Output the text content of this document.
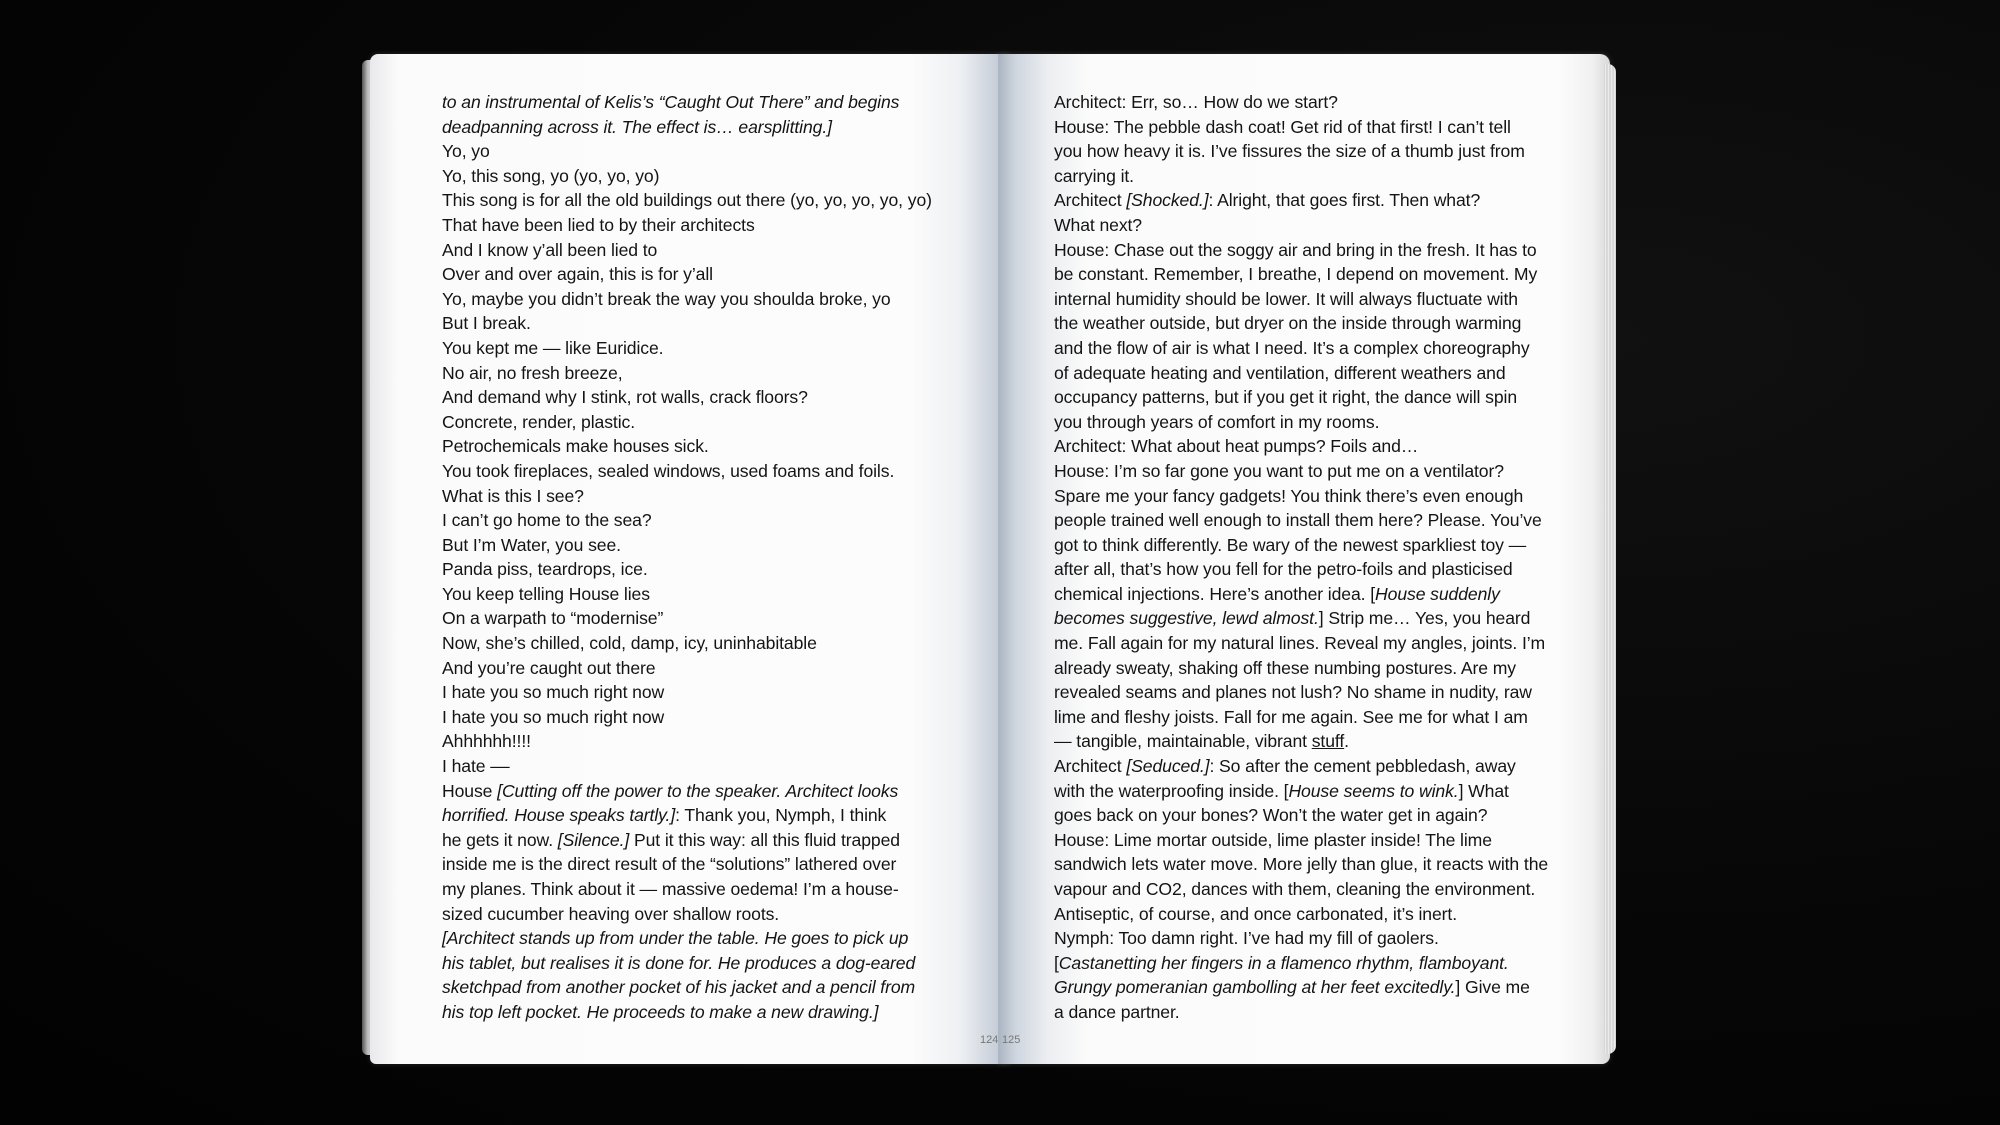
to an instrumental of Kelis’s “Caught Out There” and begins
deadpanning across it. The effect is… earsplitting.]
Yo, yo
Yo, this song, yo (yo, yo, yo)
This song is for all the old buildings out there (yo, yo, yo, yo, yo)
That have been lied to by their architects
And I know y’all been lied to
Over and over again, this is for y’all
Yo, maybe you didn’t break the way you shoulda broke, yo
But I break.
You kept me — like Euridice.
No air, no fresh breeze,
And demand why I stink, rot walls, crack floors?
Concrete, render, plastic.
Petrochemicals make houses sick.
You took fireplaces, sealed windows, used foams and foils.
What is this I see?
I can’t go home to the sea?
But I’m Water, you see.
Panda piss, teardrops, ice.
You keep telling House lies
On a warpath to “modernise”
Now, she’s chilled, cold, damp, icy, uninhabitable
And you’re caught out there
I hate you so much right now
I hate you so much right now
Ahhhhhh!!!!
I hate ––
House [Cutting off the power to the speaker. Architect looks
horrified. House speaks tartly.]: Thank you, Nymph, I think
he gets it now. [Silence.] Put it this way: all this fluid trapped
inside me is the direct result of the “solutions” lathered over
my planes. Think about it — massive oedema! I’m a house-
sized cucumber heaving over shallow roots.
[Architect stands up from under the table. He goes to pick up
his tablet, but realises it is done for. He produces a dog-eared
sketchpad from another pocket of his jacket and a pencil from
his top left pocket. He proceeds to make a new drawing.]
124
Architect: Err, so… How do we start?
House: The pebble dash coat! Get rid of that first! I can’t tell
you how heavy it is. I’ve fissures the size of a thumb just from
carrying it.
Architect [Shocked.]: Alright, that goes first. Then what?
What next?
House: Chase out the soggy air and bring in the fresh. It has to
be constant. Remember, I breathe, I depend on movement. My
internal humidity should be lower. It will always fluctuate with
the weather outside, but dryer on the inside through warming
and the flow of air is what I need. It’s a complex choreography
of adequate heating and ventilation, different weathers and
occupancy patterns, but if you get it right, the dance will spin
you through years of comfort in my rooms.
Architect: What about heat pumps? Foils and…
House: I’m so far gone you want to put me on a ventilator?
Spare me your fancy gadgets! You think there’s even enough
people trained well enough to install them here? Please. You’ve
got to think differently. Be wary of the newest sparkliest toy —
after all, that’s how you fell for the petro-foils and plasticised
chemical injections. Here’s another idea. [House suddenly
becomes suggestive, lewd almost.] Strip me… Yes, you heard
me. Fall again for my natural lines. Reveal my angles, joints. I’m
already sweaty, shaking off these numbing postures. Are my
revealed seams and planes not lush? No shame in nudity, raw
lime and fleshy joists. Fall for me again. See me for what I am
— tangible, maintainable, vibrant stuff.
Architect [Seduced.]: So after the cement pebbledash, away
with the waterproofing inside. [House seems to wink.] What
goes back on your bones? Won’t the water get in again?
House: Lime mortar outside, lime plaster inside! The lime
sandwich lets water move. More jelly than glue, it reacts with the
vapour and CO2, dances with them, cleaning the environment.
Antiseptic, of course, and once carbonated, it’s inert.
Nymph: Too damn right. I’ve had my fill of gaolers.
[Castanetting her fingers in a flamenco rhythm, flamboyant.
Grungy pomeranian gambolling at her feet excitedly.] Give me
a dance partner.
125
